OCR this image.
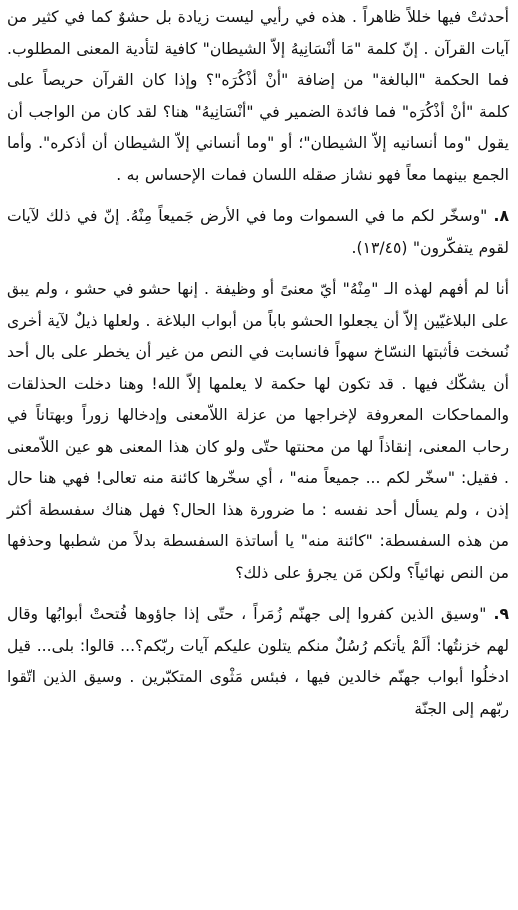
أحدثتْ فيها خللاً ظاهراً . هذه في رأيي ليست زيادة بل حشوٌ كما في كثير من آيات القرآن . إنّ كلمة "مَا أنْسَانِيهُ إلاّ الشيطان" كافية لتأدية المعنى المطلوب. فما الحكمة "البالغة" من إضافة "أنْ أذْكُرَه"؟ وإذا كان القرآن حريصاً على كلمة "أنْ أذْكُرَه" فما فائدة الضمير في "أنْسَانِيهُ" هنا؟ لقد كان من الواجب أن يقول "وما أنسانيه إلاّ الشيطان"؛ أو "وما أنساني إلاّ الشيطان أن أذكره". وأما الجمع بينهما معاً فهو نشاز صقله اللسان فمات الإحساس به .

٨. "وسخّر لكم ما في السموات وما في الأرض جَميعاً مِنْهُ. إنّ في ذلك لآيات لقوم يتفكّرون" (١٣/٤٥).

أنا لم أفهم لهذه الـ "مِنْهُ" أيّ معنىً أو وظيفة . إنها حشو في حشو ، ولم يبق على البلاغيّين إلاّ أن يجعلوا الحشو باباً من أبواب البلاغة . ولعلها ذيلٌ لآية أخرى نُسخت فأثبتها النسّاخ سهواً فانسابت في النص من غير أن يخطر على بال أحد أن يشكّك فيها . قد تكون لها حكمة لا يعلمها إلاّ الله! وهنا دخلت الحذلقات والمماحكات المعروفة لإخراجها من عزلة اللاّمعنى وإدخالها زوراً وبهتاناً في رحاب المعنى، إنقاذاً لها من محنتها حتّى ولو كان هذا المعنى هو عين اللاّمعنى . فقيل: "سخّر لكم ... جميعاً منه" ، أي سخّرها كائنة منه تعالى! فهي هنا حال إذن ، ولم يسأل أحد نفسه : ما ضرورة هذا الحال؟ فهل هناك سفسطة أكثر من هذه السفسطة: "كائنة منه" يا أساتذة السفسطة بدلاً من شطبها وحذفها من النص نهائياً؟ ولكن مَن يجرؤ على ذلك؟

٩. "وسيق الذين كفروا إلى جهنّم زُمَراً ، حتّى إذا جاؤوها فُتحتْ أبوابُها وقال لهم خزنتُها: ألَمْ يأتكم رُسُلٌ منكم يتلون عليكم آيات ربّكم؟... قالوا: بلى... قيل ادخلُوا أبواب جهنّم خالدين فيها ، فبئس مَثْوى المتكبّرين . وسيق الذين اتّقوا ربّهم إلى الجنّة
